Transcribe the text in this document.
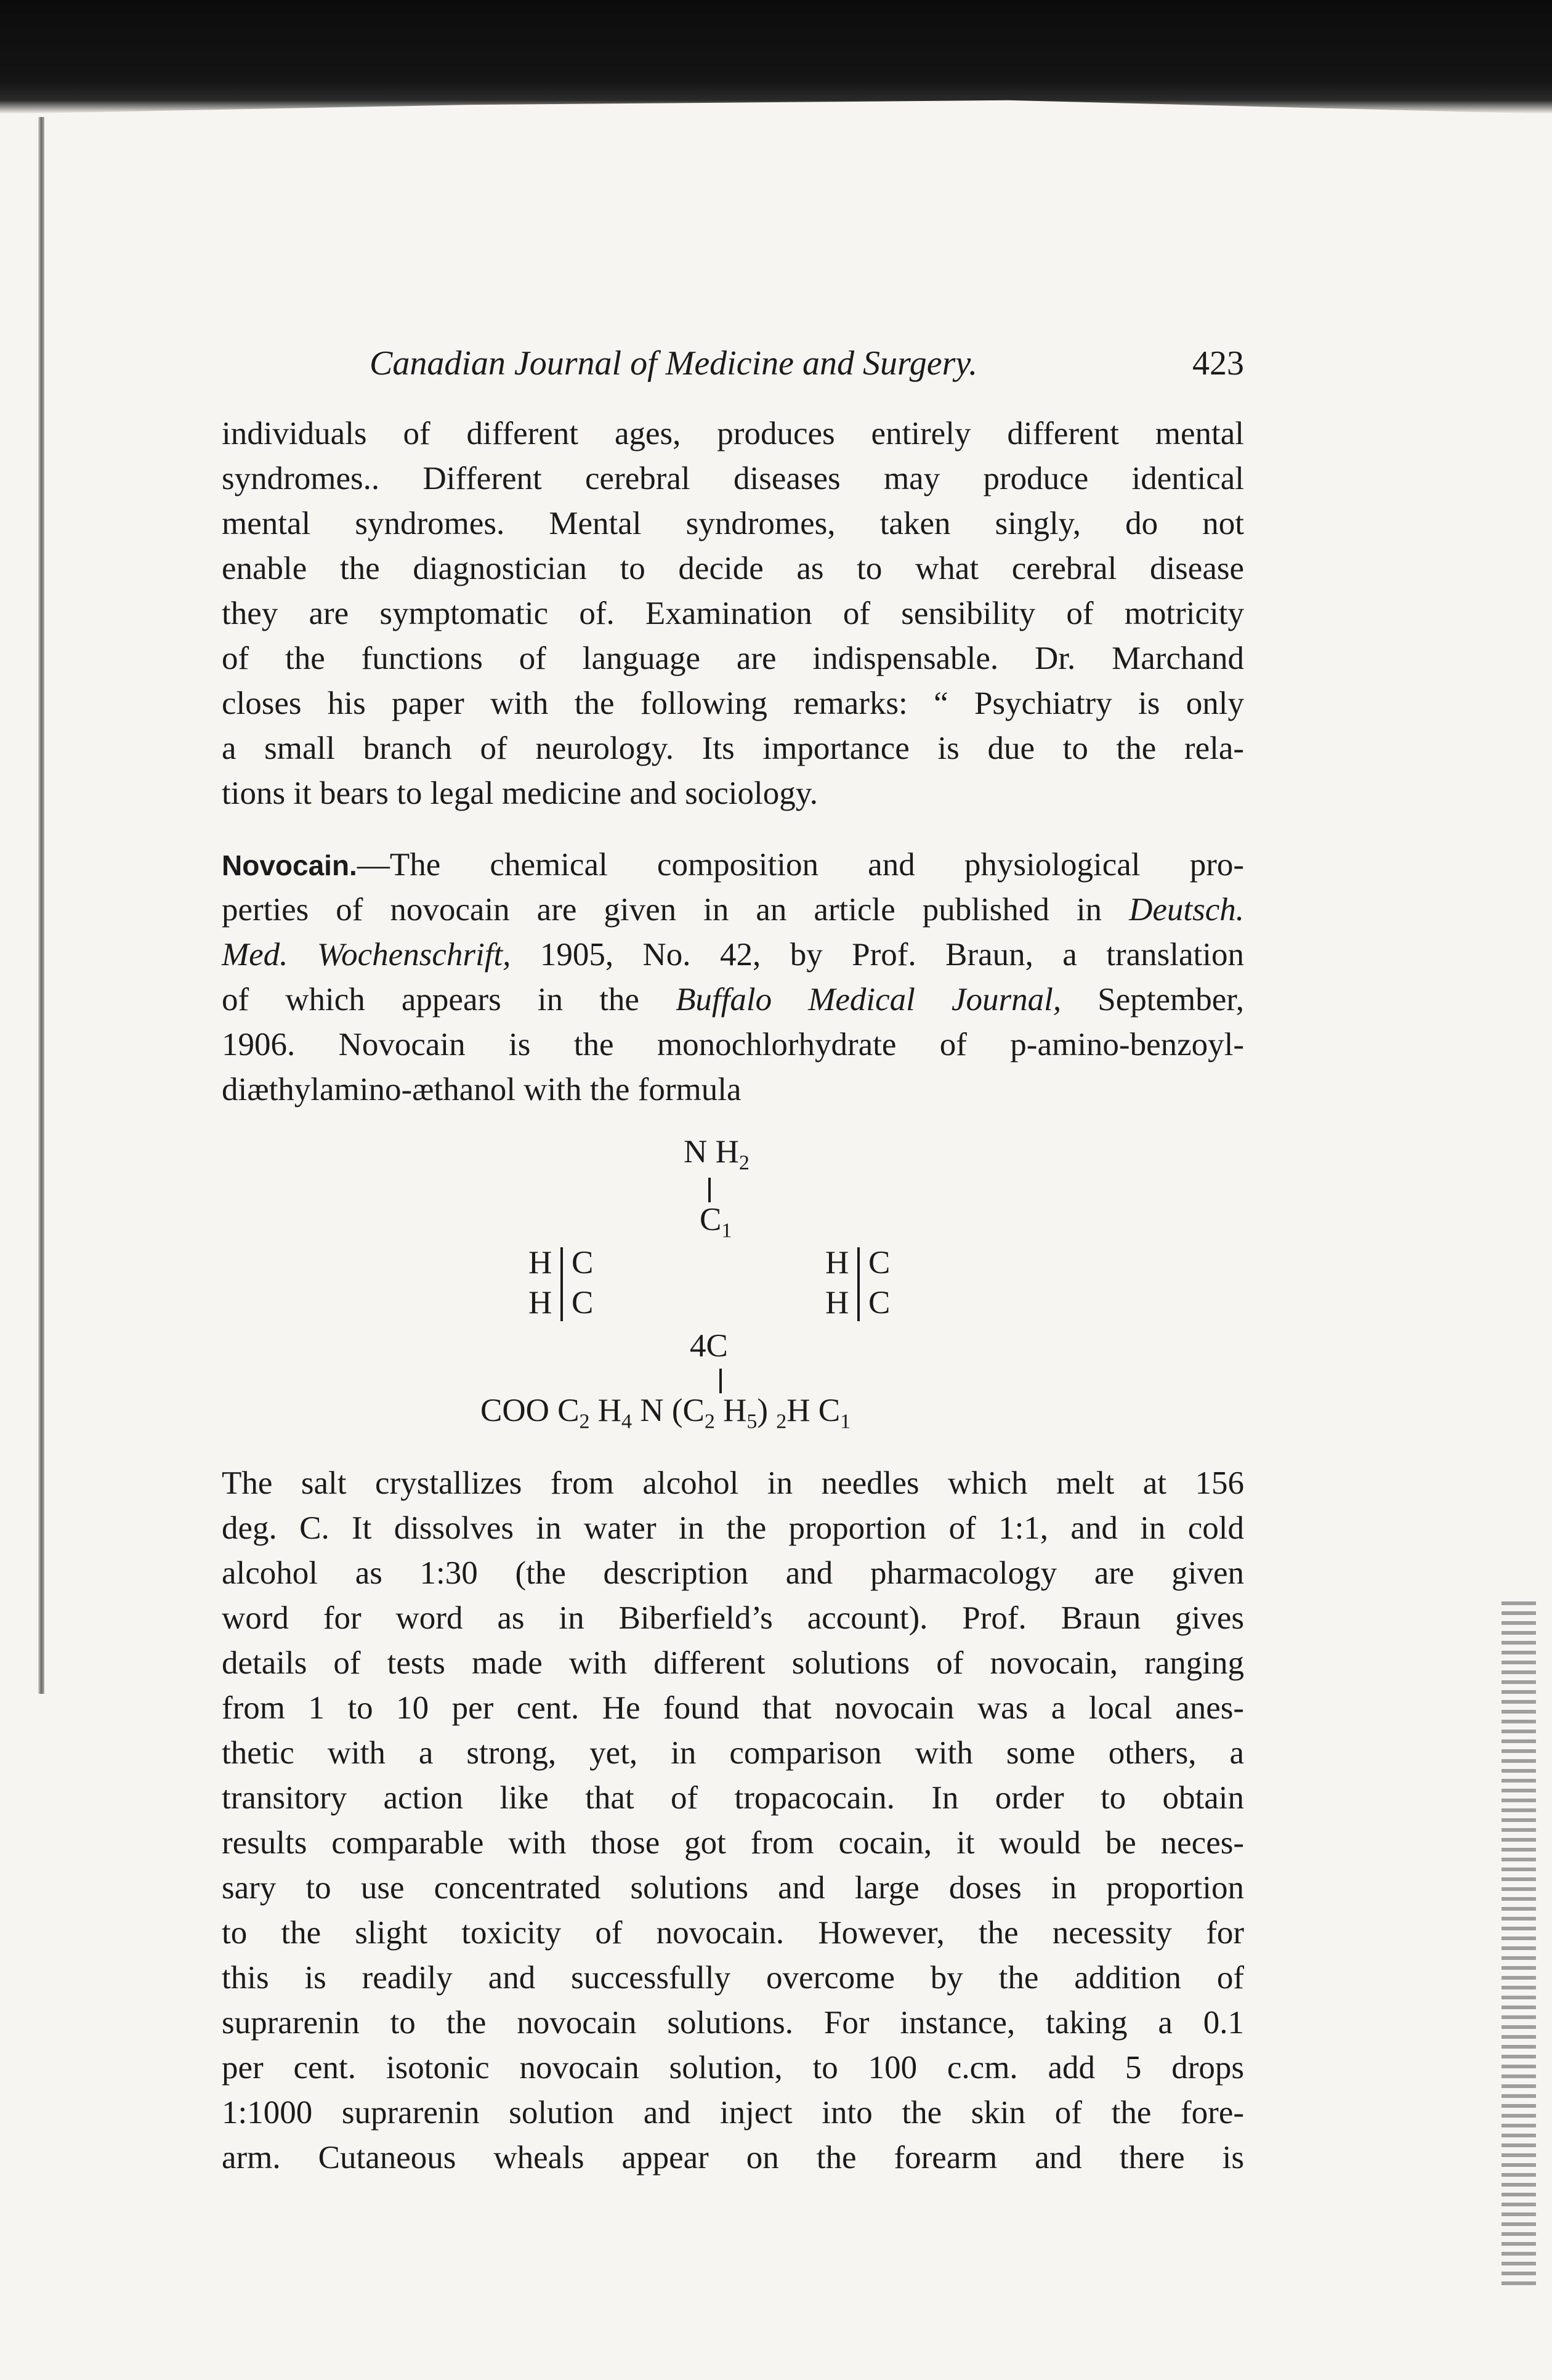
Canadian Journal of Medicine and Surgery.	423
individuals of different ages, produces entirely different mental
syndromes.. Different cerebral diseases may produce identical
mental syndromes. Mental syndromes, taken singly, do not
enable the diagnostician to decide as to what cerebral disease
they are symptomatic of. Examination of sensibility of motricity
of the functions of language are indispensable. Dr. Marchand
closes his paper with the following remarks: “ Psychiatry is only
a small branch of neurology. Its importance is due to the rela-
tions it bears to legal medicine and sociology.
Novocain.—The chemical composition and physiological pro-
perties of novocain are given in an article published in Deutsch.
Med. Wochenschrift, 1905, No. 42, by Prof. Braun, a translation
of which appears in the Buffalo Medical Journal, September,
1906. Novocain is the monochlorhydrate of p-amino-benzoyl-
diæthylamino-æthanol with the formula
N $H_2$
$C_1$
H
H
C
C
H
H
C
C
4C
COO $C_2$ $H_4$ N ($C_2$ $H_5$) $_2$H $C_1$
The salt crystallizes from alcohol in needles which melt at 156
deg. C. It dissolves in water in the proportion of 1:1, and in cold
alcohol as 1:30 (the description and pharmacology are given
word for word as in Biberfield’s account). Prof. Braun gives
details of tests made with different solutions of novocain, ranging
from 1 to 10 per cent. He found that novocain was a local anes-
thetic with a strong, yet, in comparison with some others, a
transitory action like that of tropacocain. In order to obtain
results comparable with those got from cocain, it would be neces-
sary to use concentrated solutions and large doses in proportion
to the slight toxicity of novocain. However, the necessity for
this is readily and successfully overcome by the addition of
suprarenin to the novocain solutions. For instance, taking a 0.1
per cent. isotonic novocain solution, to 100 c.cm. add 5 drops
1:1000 suprarenin solution and inject into the skin of the fore-
arm. Cutaneous wheals appear on the forearm and there is
